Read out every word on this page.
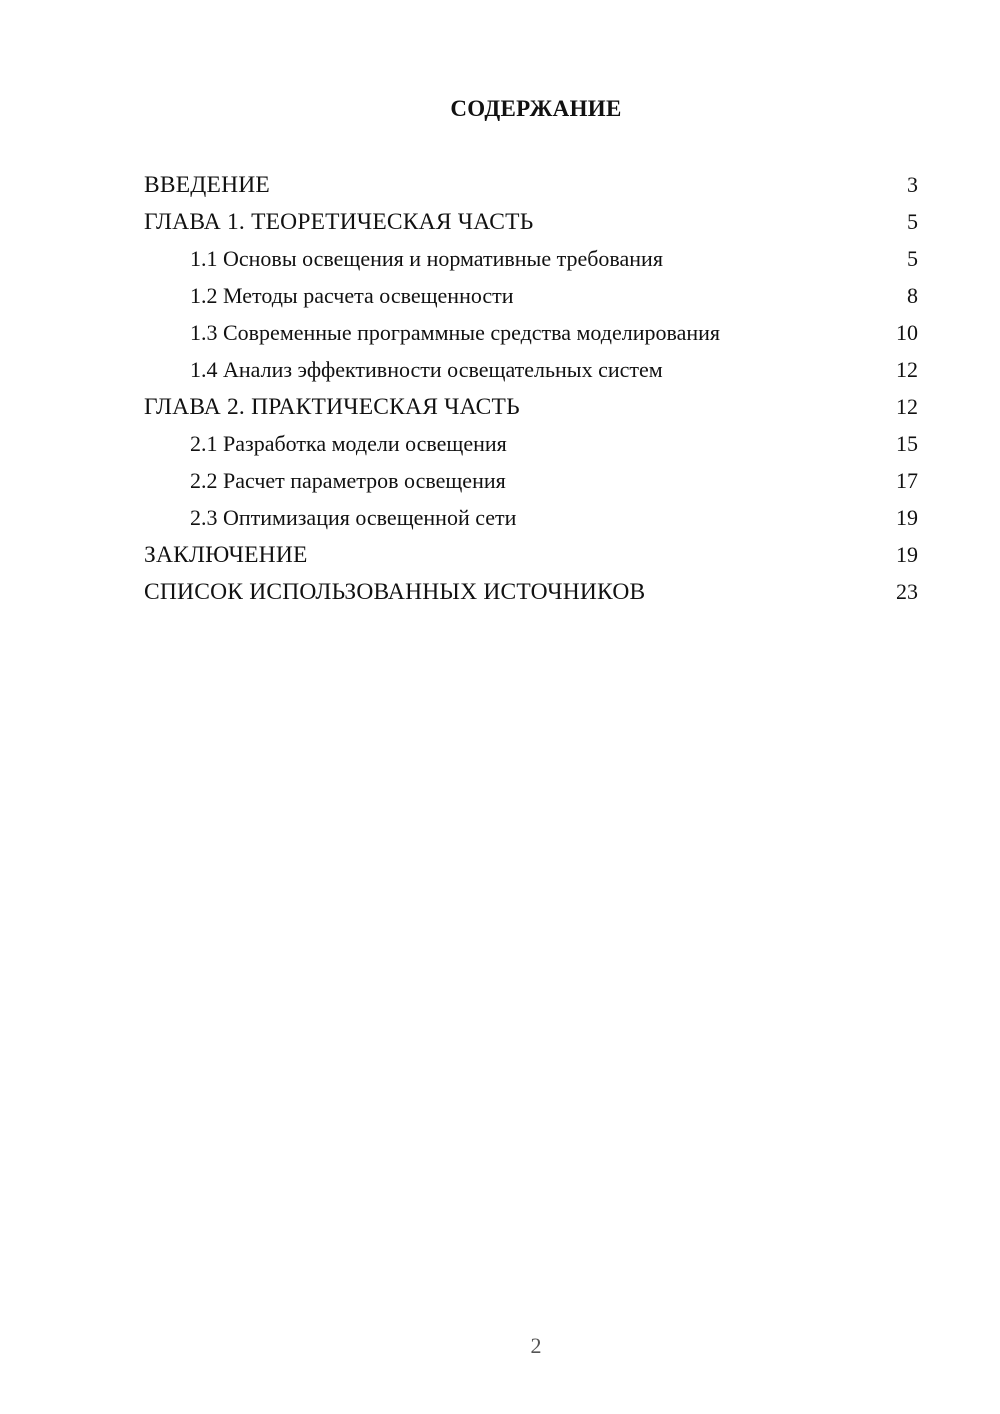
СОДЕРЖАНИЕ
ВВЕДЕНИЕ	3
ГЛАВА 1. ТЕОРЕТИЧЕСКАЯ ЧАСТЬ	5
1.1 Основы освещения и нормативные требования	5
1.2 Методы расчета освещенности	8
1.3 Современные программные средства моделирования	10
1.4 Анализ эффективности освещательных систем	12
ГЛАВА 2. ПРАКТИЧЕСКАЯ ЧАСТЬ	12
2.1 Разработка модели освещения	15
2.2 Расчет параметров освещения	17
2.3 Оптимизация освещенной сети	19
ЗАКЛЮЧЕНИЕ	19
СПИСОК ИСПОЛЬЗОВАННЫХ ИСТОЧНИКОВ	23
2
